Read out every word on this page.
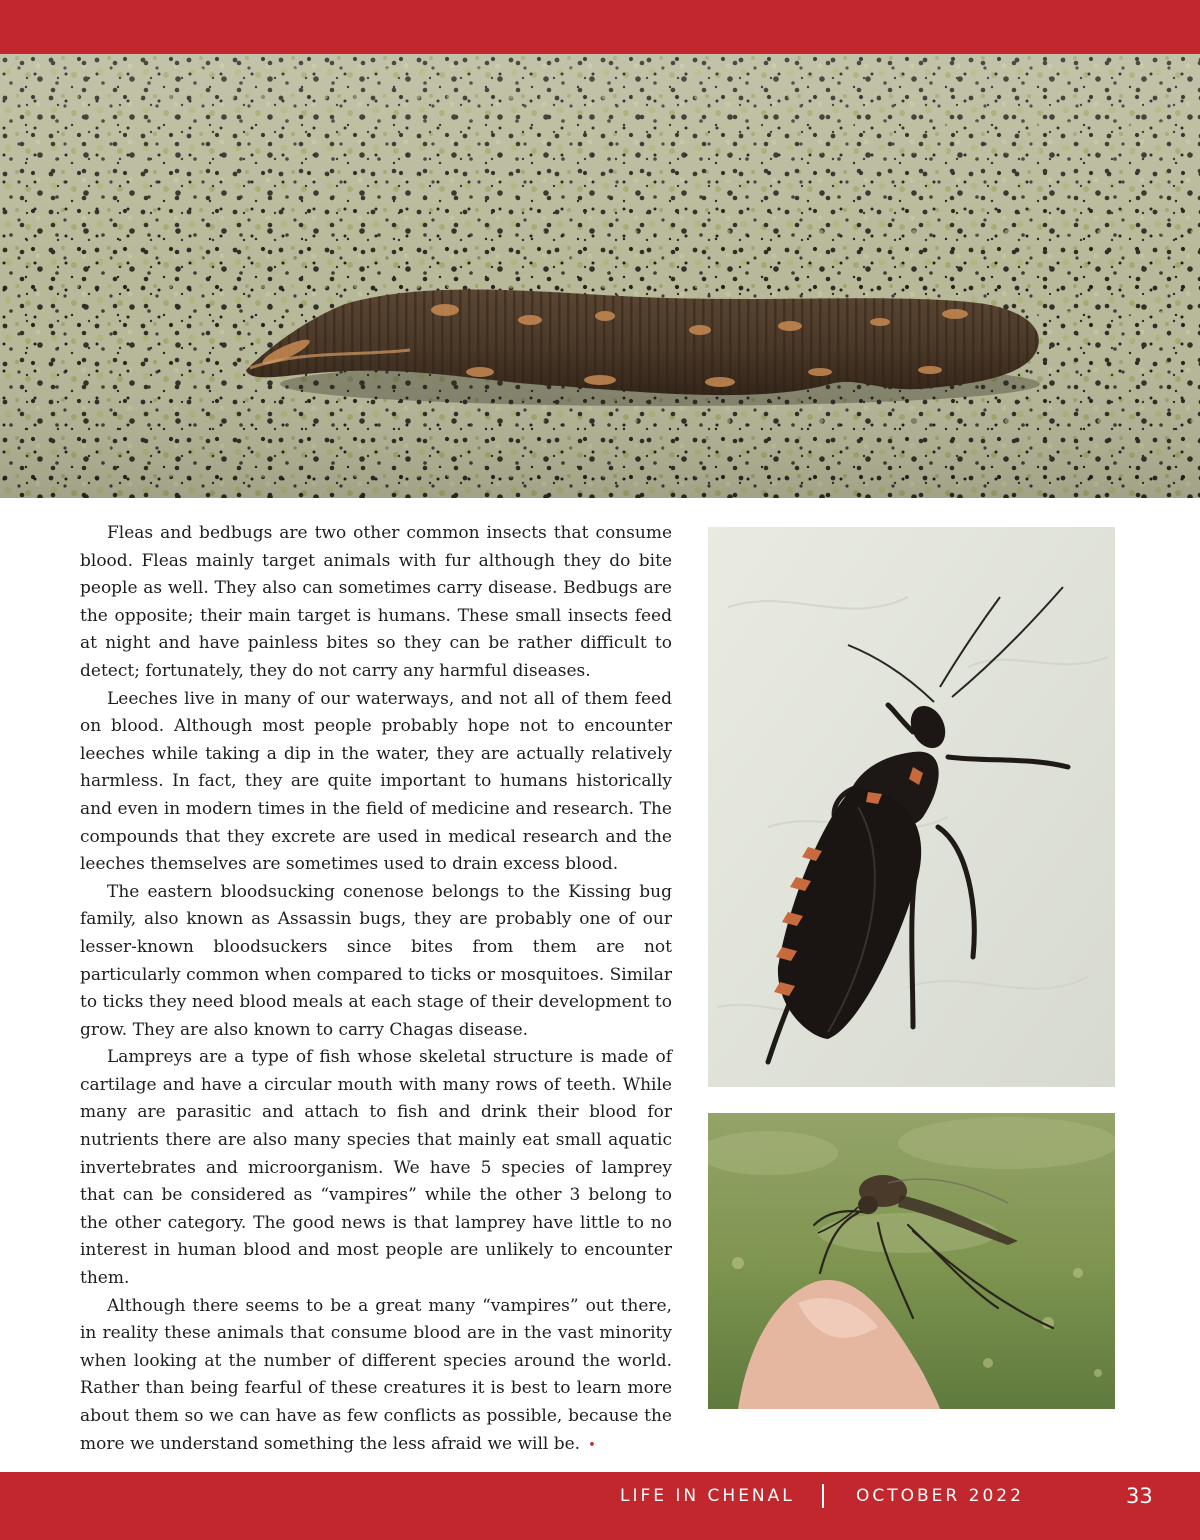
Fleas and bedbugs are two other common insects that consume blood. Fleas mainly target animals with fur although they do bite people as well. They also can sometimes carry disease. Bedbugs are the opposite; their main target is humans. These small insects feed at night and have painless bites so they can be rather difficult to detect; fortunately, they do not carry any harmful diseases.

Leeches live in many of our waterways, and not all of them feed on blood. Although most people probably hope not to encounter leeches while taking a dip in the water, they are actually relatively harmless. In fact, they are quite important to humans historically and even in modern times in the field of medicine and research. The compounds that they excrete are used in medical research and the leeches themselves are sometimes used to drain excess blood.

The eastern bloodsucking conenose belongs to the Kissing bug family, also known as Assassin bugs, they are probably one of our lesser-known bloodsuckers since bites from them are not particularly common when compared to ticks or mosquitoes. Similar to ticks they need blood meals at each stage of their development to grow. They are also known to carry Chagas disease.

Lampreys are a type of fish whose skeletal structure is made of cartilage and have a circular mouth with many rows of teeth. While many are parasitic and attach to fish and drink their blood for nutrients there are also many species that mainly eat small aquatic invertebrates and microorganism. We have 5 species of lamprey that can be considered as “vampires” while the other 3 belong to the other category. The good news is that lamprey have little to no interest in human blood and most people are unlikely to encounter them.

Although there seems to be a great many “vampires” out there, in reality these animals that consume blood are in the vast minority when looking at the number of different species around the world. Rather than being fearful of these creatures it is best to learn more about them so we can have as few conflicts as possible, because the more we understand something the less afraid we will be. •

LIFE IN CHENAL	OCTOBER 2022	33
